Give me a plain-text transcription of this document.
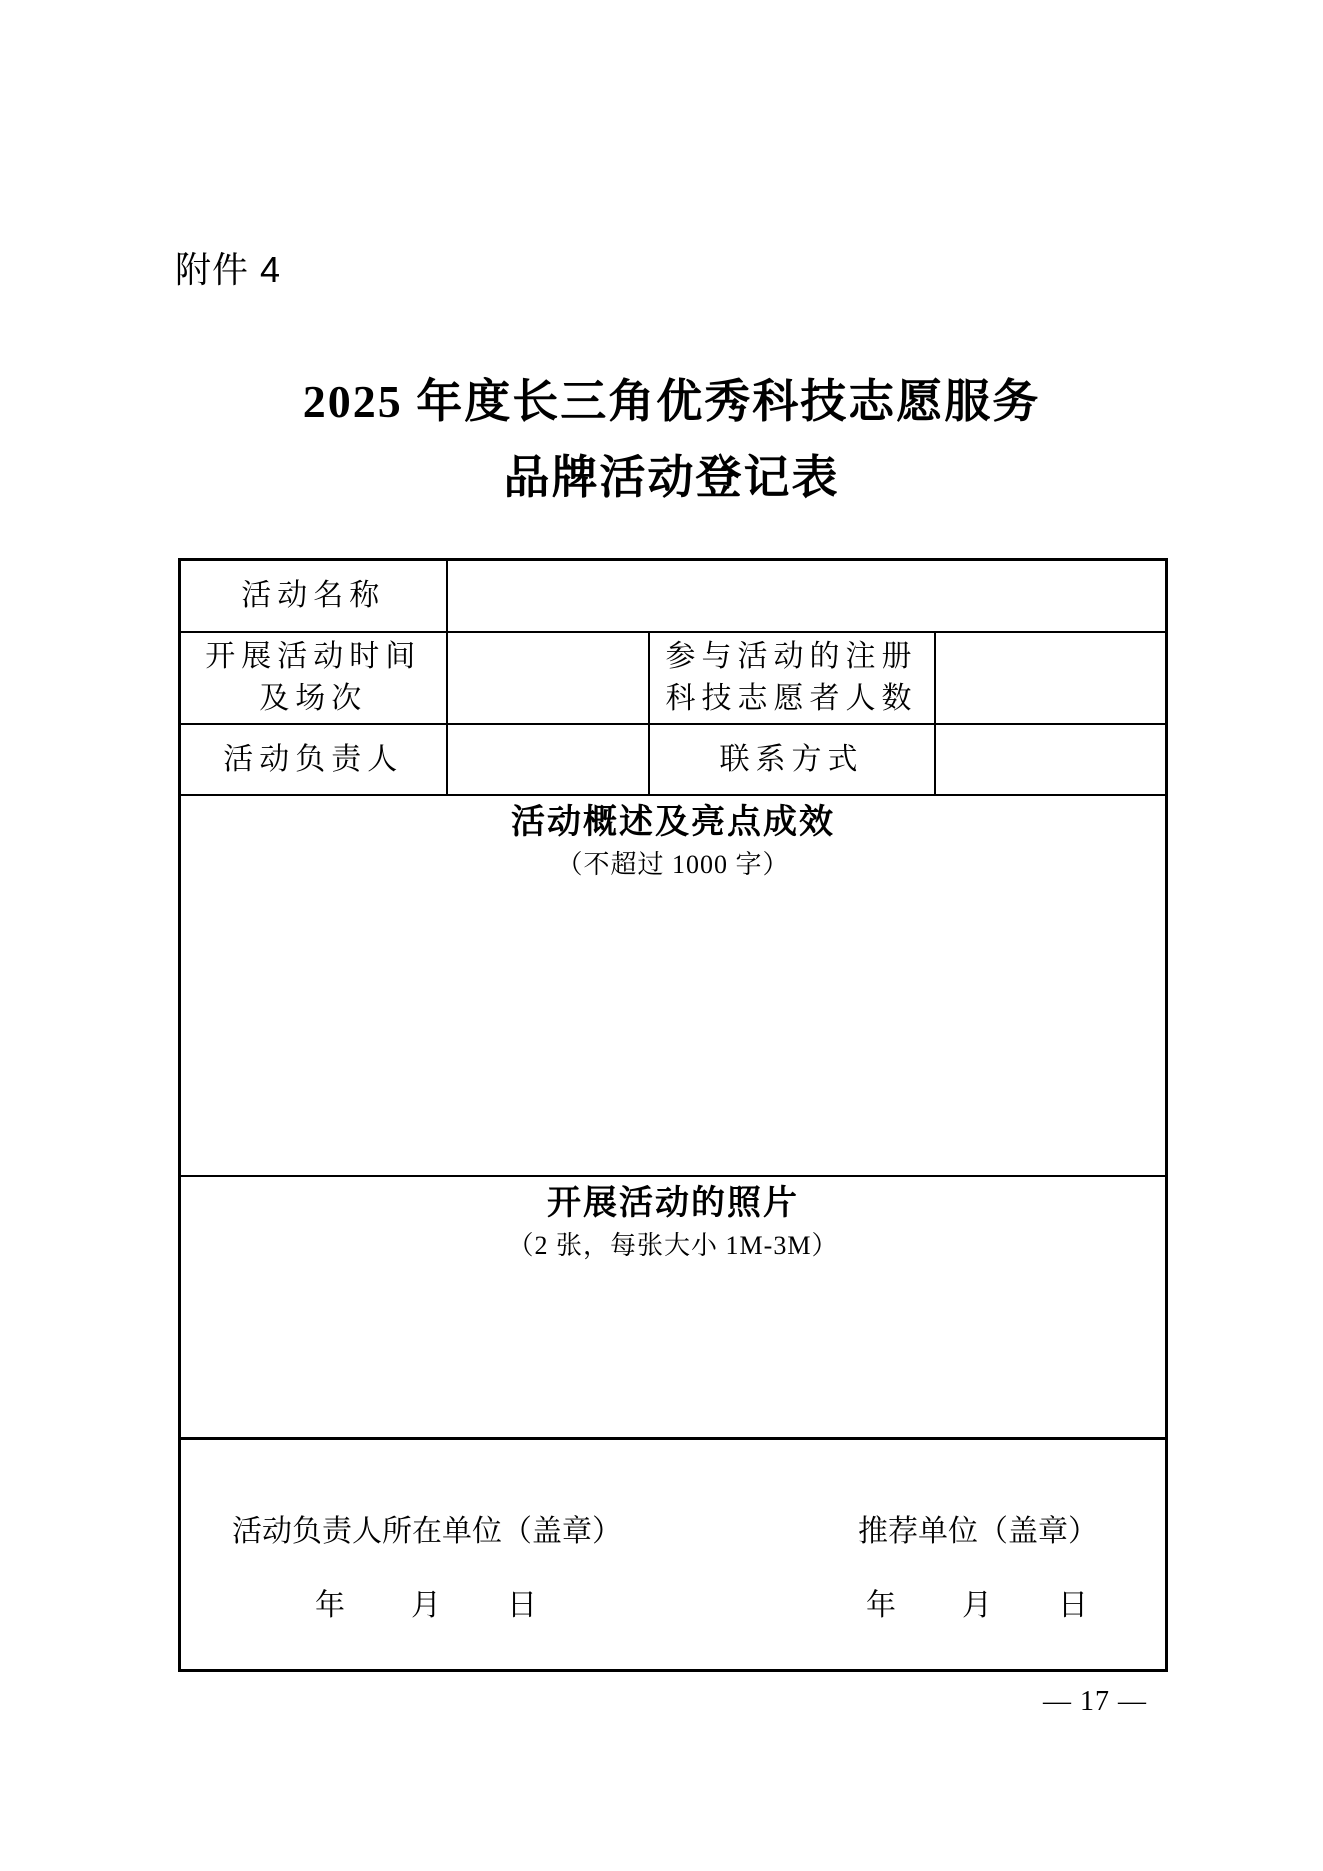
附件 4
2025 年度长三角优秀科技志愿服务
品牌活动登记表
活动名称			

开展活动时间
及场次		参与活动的注册
科技志愿者人数	

活动负责人		联系方式	

活动概述及亮点成效
（不超过 1000 字）			

开展活动的照片
（2 张，每张大小 1M-3M）			

活动负责人所在单位（盖章）
年　　月　　日
推荐单位（盖章）
年　　月　　日			
— 17 —
